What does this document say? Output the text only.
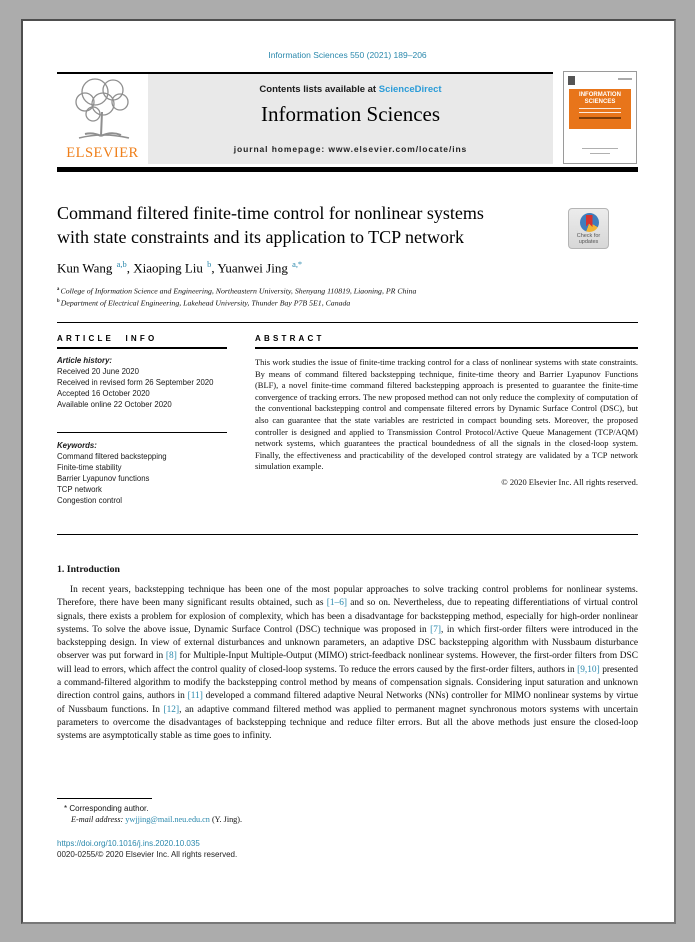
Information Sciences 550 (2021) 189–206
ELSEVIER
Contents lists available at ScienceDirect
Information Sciences
journal homepage: www.elsevier.com/locate/ins
INFORMATION
SCIENCES
Command filtered finite-time control for nonlinear systems
with state constraints and its application to TCP network	Check for updates
Kun Wang $^{a,b}$, Xiaoping Liu $^b$, Yuanwei Jing $^{a,*}$
$^a$ College of Information Science and Engineering, Northeastern University, Shenyang 110819, Liaoning, PR China
$^b$ Department of Electrical Engineering, Lakehead University, Thunder Bay P7B 5E1, Canada
ARTICLE INFO	ABSTRACT
Article history:
Received 20 June 2020
Received in revised form 26 September 2020
Accepted 16 October 2020
Available online 22 October 2020
Keywords:
Command filtered backstepping
Finite-time stability
Barrier Lyapunov functions
TCP network
Congestion control
This work studies the issue of finite-time tracking control for a class of nonlinear systems with state constraints. By means of command filtered backstepping technique, finite-time theory and Barrier Lyapunov Functions (BLF), a novel finite-time command filtered backstepping approach is presented to guarantee the finite-time convergence of tracking errors. The new proposed method can not only reduce the complexity of computation of the conventional backstepping control and compensate filtered errors by Dynamic Surface Control (DSC), but also can guarantee that the state variables are restricted in compact bounding sets. Moreover, the proposed controller is designed and applied to Transmission Control Protocol/Active Queue Management (TCP/AQM) network systems, which guarantees the practical boundedness of all the signals in the closed-loop system. Finally, the effectiveness and practicability of the developed control strategy are validated by a TCP network simulation example.
© 2020 Elsevier Inc. All rights reserved.
1. Introduction
In recent years, backstepping technique has been one of the most popular approaches to solve tracking control problems for nonlinear systems. Therefore, there have been many significant results obtained, such as [1–6] and so on. Nevertheless, due to repeating differentiations of virtual control signals, there exists a problem for explosion of complexity, which has been a disadvantage for backstepping method, especially for high-order nonlinear systems. To solve the above issue, Dynamic Surface Control (DSC) technique was proposed in [7], in which first-order filters were introduced in the backstepping design. In view of external disturbances and unknown parameters, an adaptive DSC backstepping algorithm with Nussbaum disturbance observer was put forward in [8] for Multiple-Input Multiple-Output (MIMO) strict-feedback nonlinear systems. However, the first-order filters from DSC will lead to errors, which affect the control quality of closed-loop systems. To reduce the errors caused by the first-order filters, authors in [9,10] presented a command-filtered algorithm to modify the backstepping control method by means of compensation signals. Considering input saturation and unknown direction control gains, authors in [11] developed a command filtered adaptive Neural Networks (NNs) controller for MIMO nonlinear systems by virtue of Nussbaum functions. In [12], an adaptive command filtered method was applied to permanent magnet synchronous motors systems with uncertain parameters to overcome the disadvantages of backstepping technique and reduce filter errors. But all the above methods just ensure the closed-loop systems are asymptotically stable as time goes to infinity.
* Corresponding author.
E-mail address: ywjjing@mail.neu.edu.cn (Y. Jing).
https://doi.org/10.1016/j.ins.2020.10.035
0020-0255/© 2020 Elsevier Inc. All rights reserved.
